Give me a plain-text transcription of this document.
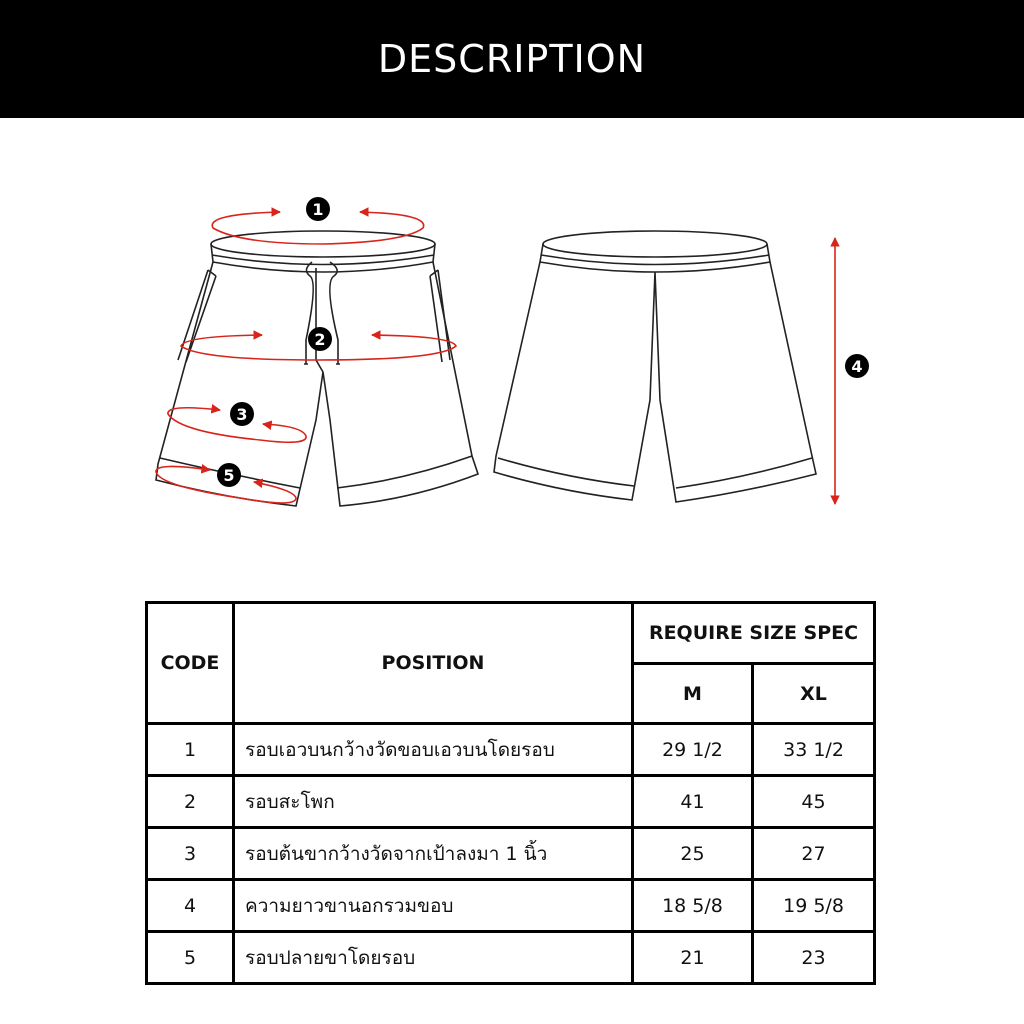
DESCRIPTION
1
2
3
4
5
CODE	POSITION	REQUIRE SIZE SPEC	
		M	XL
1	รอบเอวบนกว้างวัดขอบเอวบนโดยรอบ	29 1/2	33 1/2
2	รอบสะโพก	41	45
3	รอบต้นขากว้างวัดจากเป้าลงมา 1 นิ้ว	25	27
4	ความยาวขานอกรวมขอบ	18 5/8	19 5/8
5	รอบปลายขาโดยรอบ	21	23
